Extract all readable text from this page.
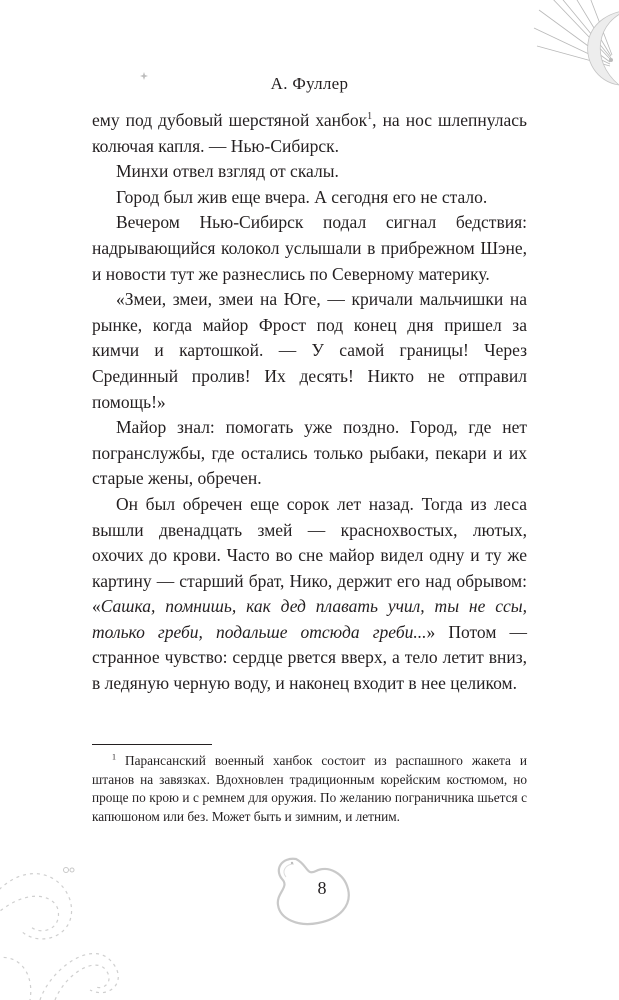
А. Фуллер

ему под дубовый шерстяной ханбок$^1$, на нос шлепнулась колючая капля. — Нью-Сибирск.

Минхи отвел взгляд от скалы.

Город был жив еще вчера. А сегодня его не стало.

Вечером Нью-Сибирск подал сигнал бедствия: надрывающийся колокол услышали в прибрежном Шэне, и новости тут же разнеслись по Северному материку.

«Змеи, змеи, змеи на Юге, — кричали мальчишки на рынке, когда майор Фрост под конец дня пришел за кимчи и картошкой. — У самой границы! Через Срединный пролив! Их десять! Никто не отправил помощь!»

Майор знал: помогать уже поздно. Город, где нет погранслужбы, где остались только рыбаки, пекари и их старые жены, обречен.

Он был обречен еще сорок лет назад. Тогда из леса вышли двенадцать змей — краснохвостых, лютых, охочих до крови. Часто во сне майор видел одну и ту же картину — старший брат, Нико, держит его над обрывом: «Сашка, помнишь, как дед плавать учил, ты не ссы, только греби, подальше отсюда греби...» Потом — странное чувство: сердце рвется вверх, а тело летит вниз, в ледяную черную воду, и наконец входит в нее целиком.

$^1$ Парансанский военный ханбок состоит из распашного жакета и штанов на завязках. Вдохновлен традиционным корейским костюмом, но проще по крою и с ремнем для оружия. По желанию пограничника шьется с капюшоном или без. Может быть и зимним, и летним.

8
